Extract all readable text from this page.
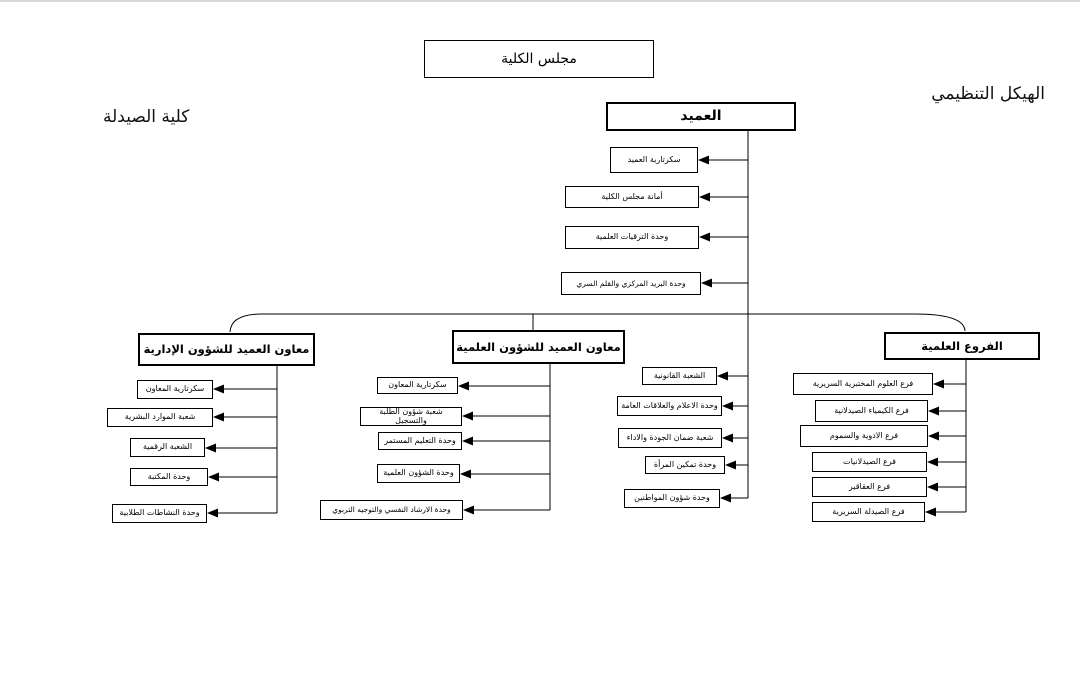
الهيكل التنظيمي
كلية الصيدلة
مجلس الكلية
العميد
سكرتارية العميد
أمانة مجلس الكلية
وحدة الترقيات العلمية
وحدة البريد المركزي والقلم السري
معاون العميد للشؤون الإدارية	معاون العميد للشؤون العلمية	الفروع العلمية
سكرتارية المعاون
شعبة الموارد البشرية
الشعبة الرقمية
وحدة المكتبة
وحدة النشاطات الطلابية
سكرتارية المعاون
شعبة شؤون الطلبة والتسجيل
وحدة التعليم المستمر
وحدة الشؤون العلمية
وحدة الارشاد النفسي والتوجيه التربوي
الشعبة القانونية
وحدة الاعلام والعلاقات العامة
شعبة ضمان الجودة والاداء
وحدة تمكين المرأة
وحدة شؤون المواطنين
فرع العلوم المختبرية السريرية
فرع الكيمياء الصيدلانية
فرع الادوية والسموم
فرع الصيدلانيات
فرع العقاقير
فرع الصيدلة السريرية
